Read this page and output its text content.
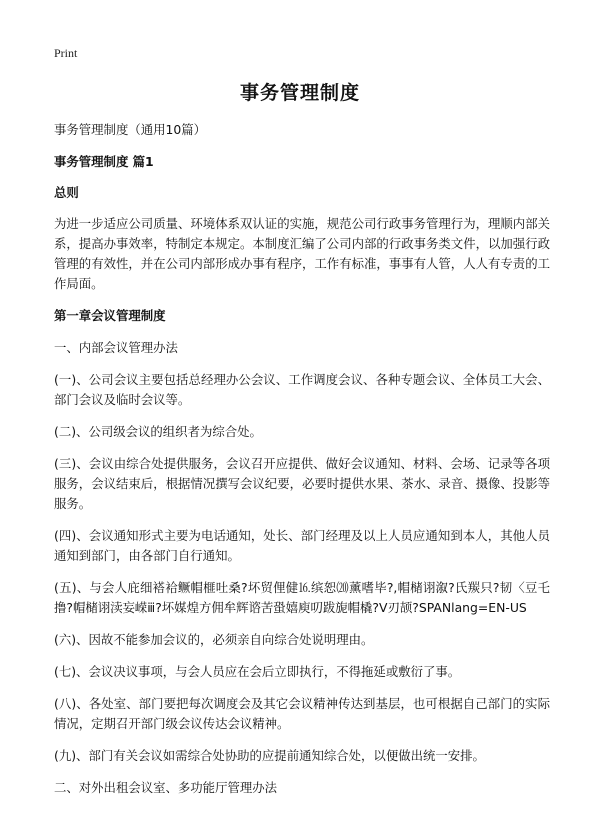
Print
事务管理制度

事务管理制度（通用10篇）

事务管理制度 篇1

总则

为进一步适应公司质量、环境体系双认证的实施，规范公司行政事务管理行为，理顺内部关系，提高办事效率，特制定本规定。本制度汇编了公司内部的行政事务类文件，以加强行政管理的有效性，并在公司内部形成办事有程序，工作有标准，事事有人管，人人有专责的工作局面。

第一章会议管理制度

一、内部会议管理办法

(一)、公司会议主要包括总经理办公会议、工作调度会议、各种专题会议、全体员工大会、部门会议及临时会议等。

(二)、公司级会议的组织者为综合处。

(三)、会议由综合处提供服务，会议召开应提供、做好会议通知、材料、会场、记录等各项服务，会议结束后，根据情况撰写会议纪要，必要时提供水果、茶水、录音、摄像、投影等服务。

(四)、会议通知形式主要为电话通知，处长、部门经理及以上人员应通知到本人，其他人员通知到部门，由各部门自行通知。

(五)、与会人庇细褡袷鳜帽榧吐桑?坏贸俚健⒗缤恕⒇薰嗜毕?,帽槠诩溆?氏羰只?韧〈豆乇撸?帽槠诩渎妄嵘ⅲ?坏媒煌方佣牟辉谘苦蛩嬉庾叨跋旎帽橇?V刃颉?SPANlang=EN-US

(六)、因故不能参加会议的，必须亲自向综合处说明理由。

(七)、会议决议事项，与会人员应在会后立即执行，不得拖延或敷衍了事。

(八)、各处室、部门要把每次调度会及其它会议精神传达到基层，也可根据自己部门的实际情况，定期召开部门级会议传达会议精神。

(九)、部门有关会议如需综合处协助的应提前通知综合处，以便做出统一安排。

二、对外出租会议室、多功能厅管理办法
